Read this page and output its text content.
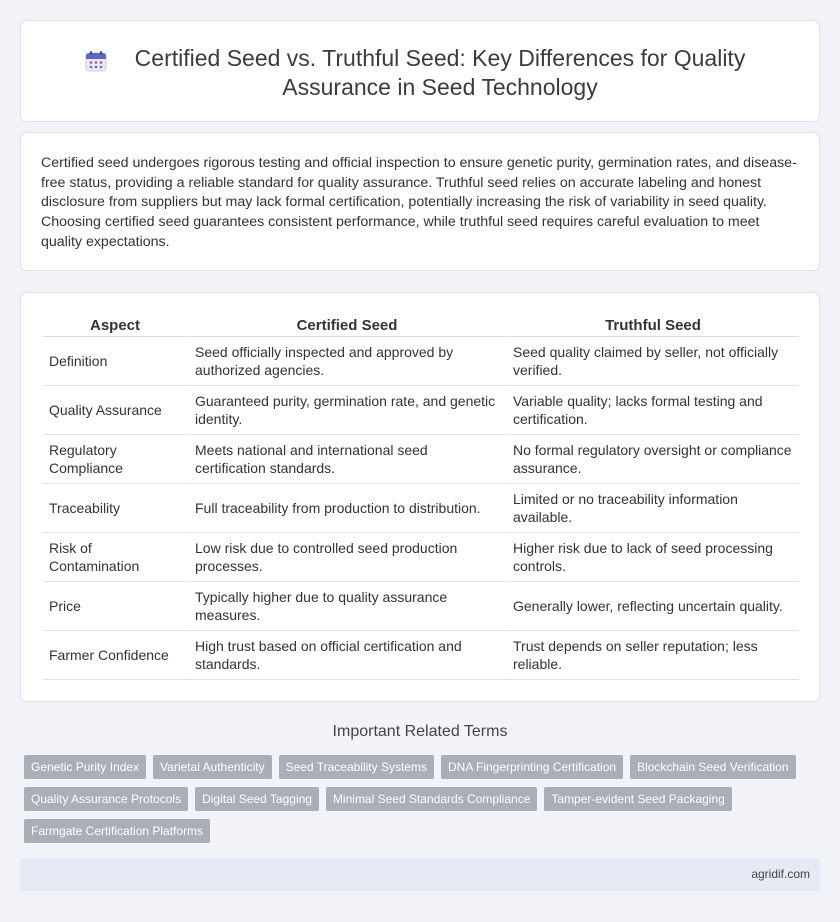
Certified Seed vs. Truthful Seed: Key Differences for Quality Assurance in Seed Technology

Certified seed undergoes rigorous testing and official inspection to ensure genetic purity, germination rates, and disease-free status, providing a reliable standard for quality assurance. Truthful seed relies on accurate labeling and honest disclosure from suppliers but may lack formal certification, potentially increasing the risk of variability in seed quality. Choosing certified seed guarantees consistent performance, while truthful seed requires careful evaluation to meet quality expectations.

Aspect	Certified Seed	Truthful Seed
Definition	Seed officially inspected and approved by authorized agencies.	Seed quality claimed by seller, not officially verified.
Quality Assurance	Guaranteed purity, germination rate, and genetic identity.	Variable quality; lacks formal testing and certification.
Regulatory Compliance	Meets national and international seed certification standards.	No formal regulatory oversight or compliance assurance.
Traceability	Full traceability from production to distribution.	Limited or no traceability information available.
Risk of Contamination	Low risk due to controlled seed production processes.	Higher risk due to lack of seed processing controls.
Price	Typically higher due to quality assurance measures.	Generally lower, reflecting uncertain quality.
Farmer Confidence	High trust based on official certification and standards.	Trust depends on seller reputation; less reliable.
Important Related Terms
Genetic Purity Index	Varietal Authenticity	Seed Traceability Systems	DNA Fingerprinting Certification	Blockchain Seed Verification
Quality Assurance Protocols	Digital Seed Tagging	Minimal Seed Standards Compliance	Tamper-evident Seed Packaging
Farmgate Certification Platforms
agridif.com
